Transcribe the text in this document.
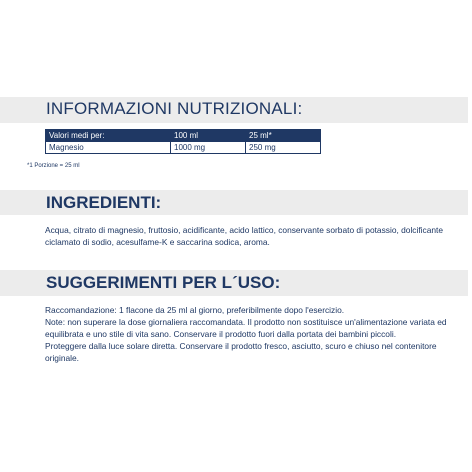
INFORMAZIONI NUTRIZIONALI:
Valori medi per:	100 ml	25 ml*
Magnesio	1000 mg	250 mg
*1 Porzione = 25 ml
INGREDIENTI:
Acqua, citrato di magnesio, fruttosio, acidificante, acido lattico, conservante sorbato di potassio, dolcificante ciclamato di sodio, acesulfame-K e saccarina sodica, aroma.
SUGGERIMENTI PER L´USO:

Raccomandazione: 1 flacone da 25 ml al giorno, preferibilmente dopo l'esercizio.

Note: non superare la dose giornaliera raccomandata. Il prodotto non sostituisce un'alimentazione variata ed equilibrata e uno stile di vita sano. Conservare il prodotto fuori dalla portata dei bambini piccoli.

Proteggere dalla luce solare diretta. Conservare il prodotto fresco, asciutto, scuro e chiuso nel contenitore originale.
